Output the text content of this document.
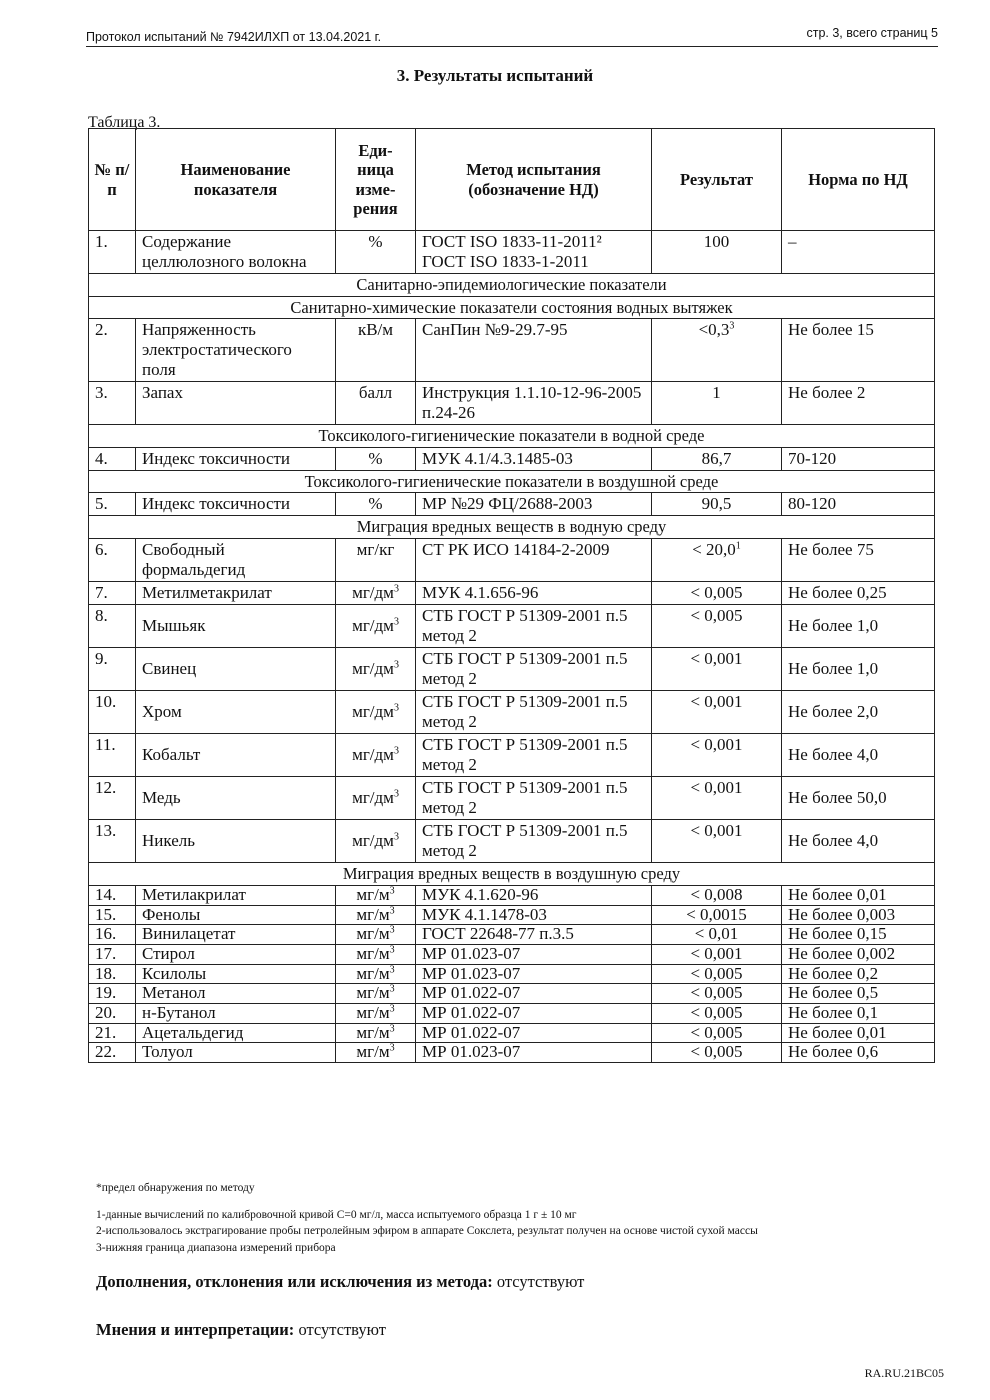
Протокол испытаний № 7942ИЛХП от 13.04.2021 г.	стр. 3, всего страниц 5
3. Результаты испытаний
Таблица 3.
№ п/п	Наименование показателя	Еди- ница изме- рения	Метод испытания (обозначение НД)	Результат	Норма по НД
1.	Содержание целлюлозного волокна	%	ГОСТ ISO 1833-11-2011² ГОСТ ISO 1833-1-2011	100	–
Санитарно-эпидемиологические показатели					
Санитарно-химические показатели состояния водных вытяжек					
2.	Напряженность электростатического поля	кВ/м	СанПин №9-29.7-95	$<0,3^3$	Не более 15
3.	Запах	балл	Инструкция 1.1.10-12-96-2005 п.24-26	1	Не более 2
Токсиколого-гигиенические показатели в водной среде					
4.	Индекс токсичности	%	МУК 4.1/4.3.1485-03	86,7	70-120
Токсиколого-гигиенические показатели в воздушной среде					
5.	Индекс токсичности	%	МР №29 ФЦ/2688-2003	90,5	80-120
Миграция вредных веществ в водную среду					
6.	Свободный формальдегид	мг/кг	СТ РК ИСО 14184-2-2009	< $20,0^1$	Не более 75
7.	Метилметакрилат	$мг/дм^3$	МУК 4.1.656-96	< 0,005	Не более 0,25
8.	Мышьяк	$мг/дм^3$	СТБ ГОСТ Р 51309-2001 п.5 метод 2	< 0,005	Не более 1,0
9.	Свинец	$мг/дм^3$	СТБ ГОСТ Р 51309-2001 п.5 метод 2	< 0,001	Не более 1,0
10.	Хром	$мг/дм^3$	СТБ ГОСТ Р 51309-2001 п.5 метод 2	< 0,001	Не более 2,0
11.	Кобальт	$мг/дм^3$	СТБ ГОСТ Р 51309-2001 п.5 метод 2	< 0,001	Не более 4,0
12.	Медь	$мг/дм^3$	СТБ ГОСТ Р 51309-2001 п.5 метод 2	< 0,001	Не более 50,0
13.	Никель	$мг/дм^3$	СТБ ГОСТ Р 51309-2001 п.5 метод 2	< 0,001	Не более 4,0
Миграция вредных веществ в воздушную среду					
14.	Метилакрилат	$мг/м^3$	МУК 4.1.620-96	< 0,008	Не более 0,01
15.	Фенолы	$мг/м^3$	МУК 4.1.1478-03	< 0,0015	Не более 0,003
16.	Винилацетат	$мг/м^3$	ГОСТ 22648-77 п.3.5	< 0,01	Не более 0,15
17.	Стирол	$мг/м^3$	МР 01.023-07	< 0,001	Не более 0,002
18.	Ксилолы	$мг/м^3$	МР 01.023-07	< 0,005	Не более 0,2
19.	Метанол	$мг/м^3$	МР 01.022-07	< 0,005	Не более 0,5
20.	н-Бутанол	$мг/м^3$	МР 01.022-07	< 0,005	Не более 0,1
21.	Ацетальдегид	$мг/м^3$	МР 01.022-07	< 0,005	Не более 0,01
22.	Толуол	$мг/м^3$	МР 01.023-07	< 0,005	Не более 0,6
*предел обнаружения по методу
1-данные вычислений по калибровочной кривой С=0 мг/л, масса испытуемого образца 1 г ± 10 мг
2-использовалось экстрагирование пробы петролейным эфиром в аппарате Сокслета, результат получен на основе чистой сухой массы
3-нижняя граница диапазона измерений прибора
Дополнения, отклонения или исключения из метода: отсутствуют
Мнения и интерпретации: отсутствуют
RA.RU.21BC05
